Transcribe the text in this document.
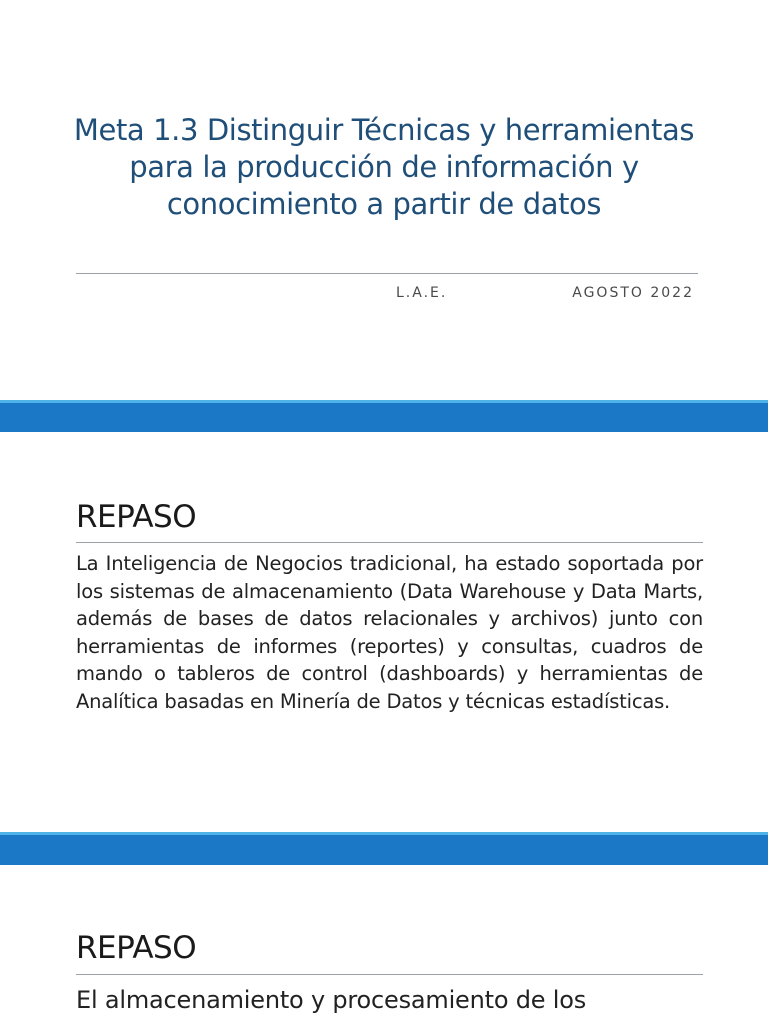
Meta 1.3 Distinguir Técnicas y herramientas para la producción de información y conocimiento a partir de datos
L.A.E.	AGOSTO 2022
REPASO

La Inteligencia de Negocios tradicional, ha estado soportada por los sistemas de almacenamiento (Data Warehouse y Data Marts, además de bases de datos relacionales y archivos) junto con herramientas de informes (reportes) y consultas, cuadros de mando o tableros de control (dashboards) y herramientas de Analítica basadas en Minería de Datos y técnicas estadísticas.

REPASO

El almacenamiento y procesamiento de los
